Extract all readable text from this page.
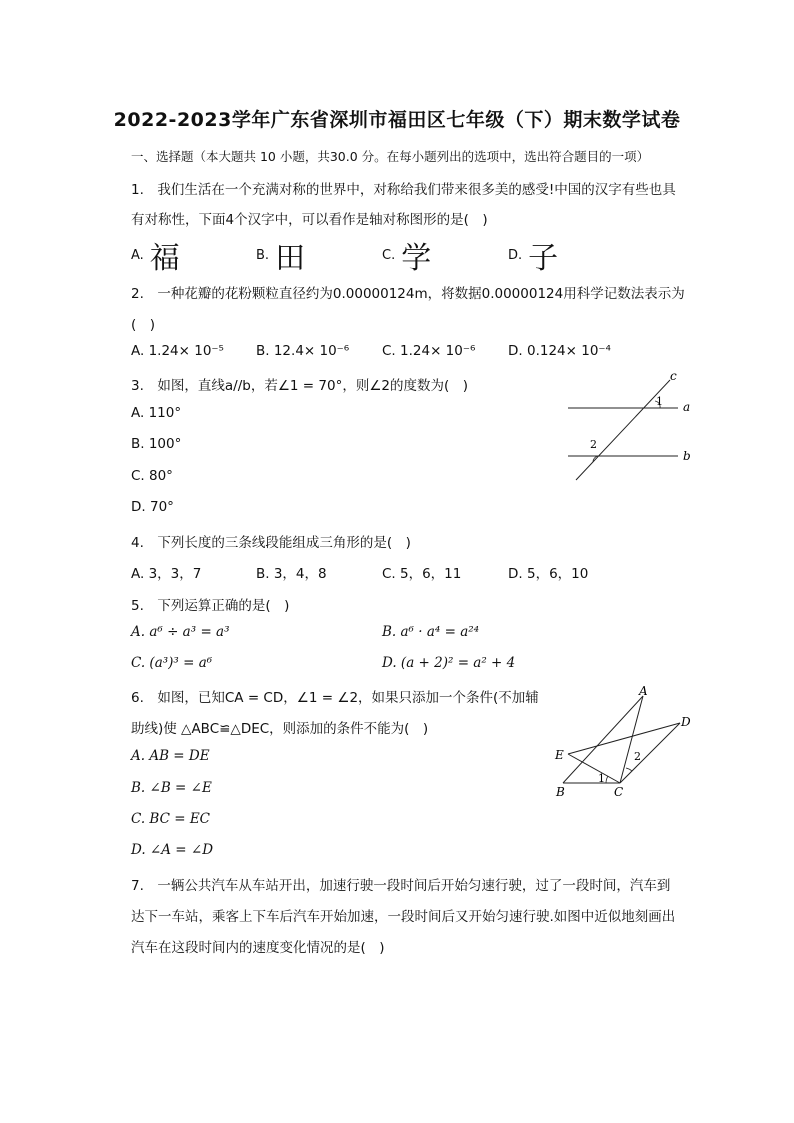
2022-2023学年广东省深圳市福田区七年级（下）期末数学试卷
一、选择题（本大题共 10 小题，共30.0 分。在每小题列出的选项中，选出符合题目的一项）
1.　我们生活在一个充满对称的世界中，对称给我们带来很多美的感受!中国的汉字有些也具
有对称性，下面4个汉字中，可以看作是轴对称图形的是(　)
A. 福	B. 田	C. 学	D. 子
2.　一种花瓣的花粉颗粒直径约为0.00000124m，将数据0.00000124用科学记数法表示为
(　)
A. 1.24× 10⁻⁵ B. 12.4× 10⁻⁶ C. 1.24× 10⁻⁶ D. 0.124× 10⁻⁴
3.　如图，直线a//b，若∠1 = 70°，则∠2的度数为(　)
A. 110°
B. 100°
C. 80°
D. 70°
c
a
b
1
2
4.　下列长度的三条线段能组成三角形的是(　)
A. 3，3，7	B. 3，4，8	C. 5，6，11	D. 5，6，10
5.　下列运算正确的是(　)
A. a⁶ ÷ a³ = a³	B. a⁶ · a⁴ = a²⁴
C. (a³)³ = a⁶	D. (a + 2)² = a² + 4
6.　如图，已知CA = CD，∠1 = ∠2，如果只添加一个条件(不加辅
助线)使 △ABC≌△DEC，则添加的条件不能为(　)
A. AB = DE
B. ∠B = ∠E
C. BC = EC
D. ∠A = ∠D
A
B	C
D
E
1
2
7.　一辆公共汽车从车站开出，加速行驶一段时间后开始匀速行驶，过了一段时间，汽车到
达下一车站，乘客上下车后汽车开始加速，一段时间后又开始匀速行驶.如图中近似地刻画出
汽车在这段时间内的速度变化情况的是(　)
